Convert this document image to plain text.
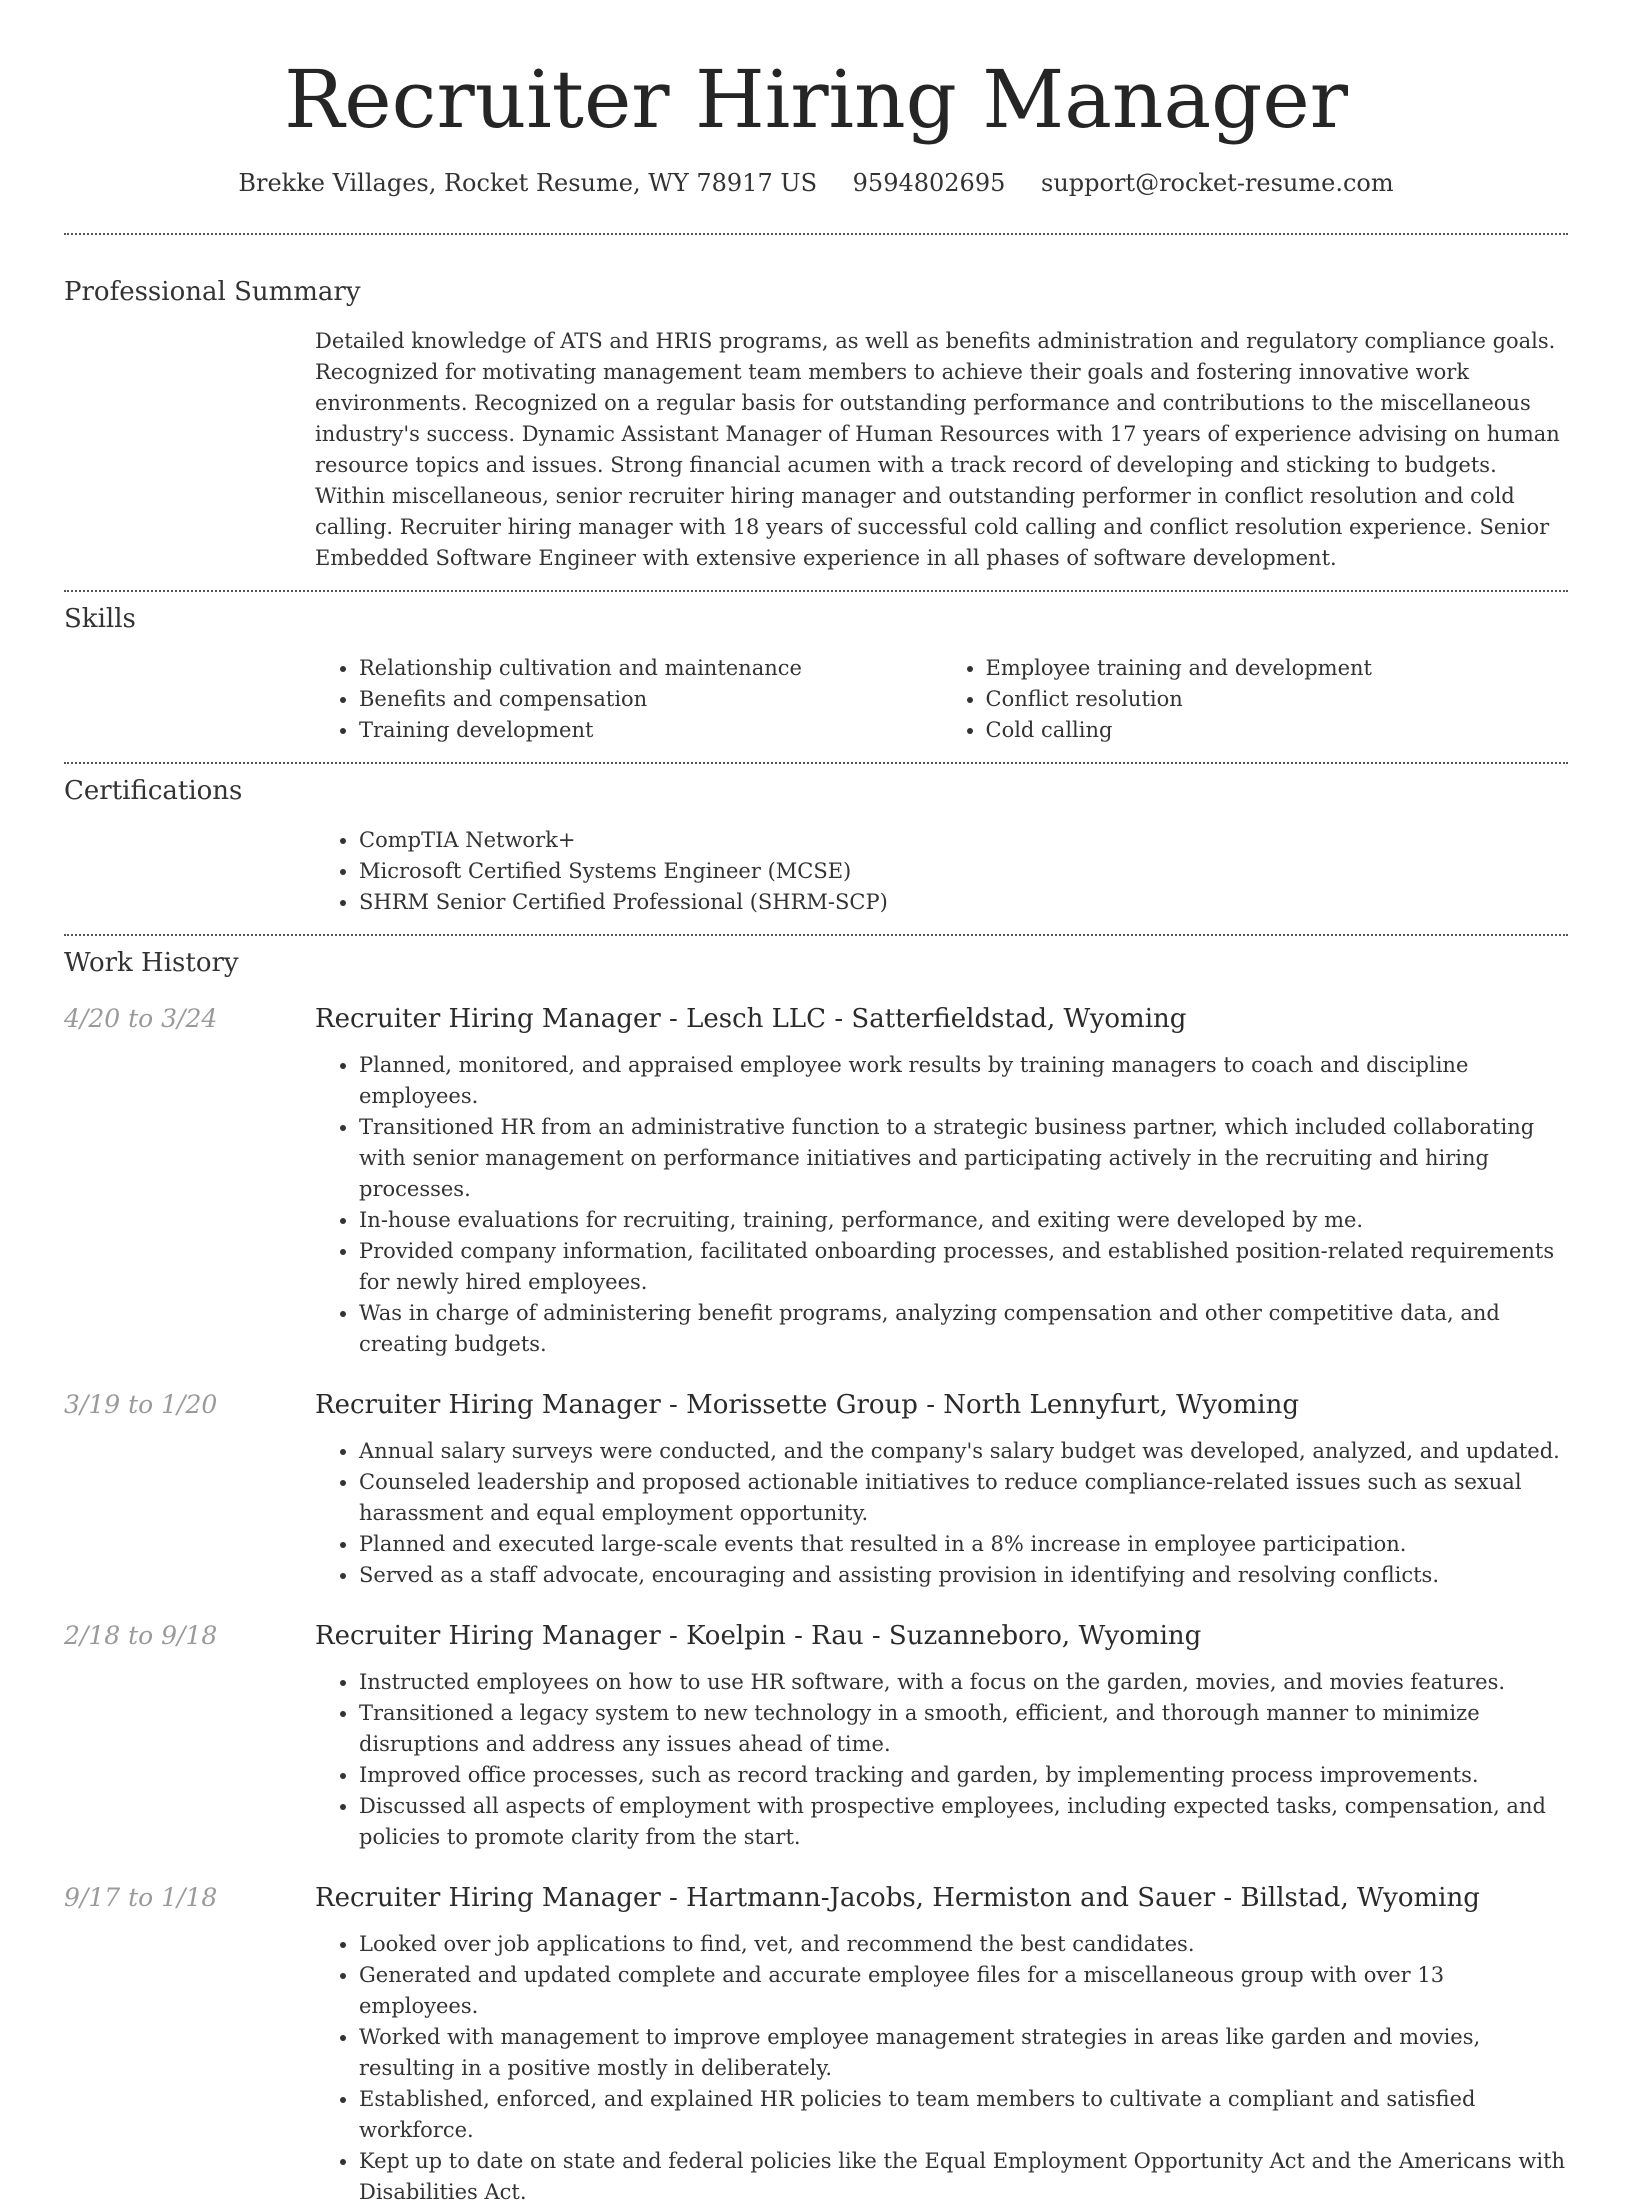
Recruiter Hiring Manager
Brekke Villages, Rocket Resume, WY 78917 US 9594802695 support@rocket-resume.com
Professional Summary

Detailed knowledge of ATS and HRIS programs, as well as benefits administration and regulatory compliance goals. Recognized for motivating management team members to achieve their goals and fostering innovative work environments. Recognized on a regular basis for outstanding performance and contributions to the miscellaneous industry's success. Dynamic Assistant Manager of Human Resources with 17 years of experience advising on human resource topics and issues. Strong financial acumen with a track record of developing and sticking to budgets. Within miscellaneous, senior recruiter hiring manager and outstanding performer in conflict resolution and cold calling. Recruiter hiring manager with 18 years of successful cold calling and conflict resolution experience. Senior Embedded Software Engineer with extensive experience in all phases of software development.

Skills
• Relationship cultivation and maintenance
• Benefits and compensation
• Training development
• Employee training and development
• Conflict resolution
• Cold calling
Certifications
• CompTIA Network+
• Microsoft Certified Systems Engineer (MCSE)
• SHRM Senior Certified Professional (SHRM-SCP)
Work History
4/20 to 3/24	Recruiter Hiring Manager - Lesch LLC - Satterfieldstad, Wyoming
• Planned, monitored, and appraised employee work results by training managers to coach and discipline employees.
• Transitioned HR from an administrative function to a strategic business partner, which included collaborating with senior management on performance initiatives and participating actively in the recruiting and hiring processes.
• In-house evaluations for recruiting, training, performance, and exiting were developed by me.
• Provided company information, facilitated onboarding processes, and established position-related requirements for newly hired employees.
• Was in charge of administering benefit programs, analyzing compensation and other competitive data, and creating budgets.
3/19 to 1/20	Recruiter Hiring Manager - Morissette Group - North Lennyfurt, Wyoming
• Annual salary surveys were conducted, and the company's salary budget was developed, analyzed, and updated.
• Counseled leadership and proposed actionable initiatives to reduce compliance-related issues such as sexual harassment and equal employment opportunity.
• Planned and executed large-scale events that resulted in a 8% increase in employee participation.
• Served as a staff advocate, encouraging and assisting provision in identifying and resolving conflicts.
2/18 to 9/18	Recruiter Hiring Manager - Koelpin - Rau - Suzanneboro, Wyoming
• Instructed employees on how to use HR software, with a focus on the garden, movies, and movies features.
• Transitioned a legacy system to new technology in a smooth, efficient, and thorough manner to minimize disruptions and address any issues ahead of time.
• Improved office processes, such as record tracking and garden, by implementing process improvements.
• Discussed all aspects of employment with prospective employees, including expected tasks, compensation, and policies to promote clarity from the start.
9/17 to 1/18	Recruiter Hiring Manager - Hartmann-Jacobs, Hermiston and Sauer - Billstad, Wyoming
• Looked over job applications to find, vet, and recommend the best candidates.
• Generated and updated complete and accurate employee files for a miscellaneous group with over 13 employees.
• Worked with management to improve employee management strategies in areas like garden and movies, resulting in a positive mostly in deliberately.
• Established, enforced, and explained HR policies to team members to cultivate a compliant and satisfied workforce.
• Kept up to date on state and federal policies like the Equal Employment Opportunity Act and the Americans with Disabilities Act.
